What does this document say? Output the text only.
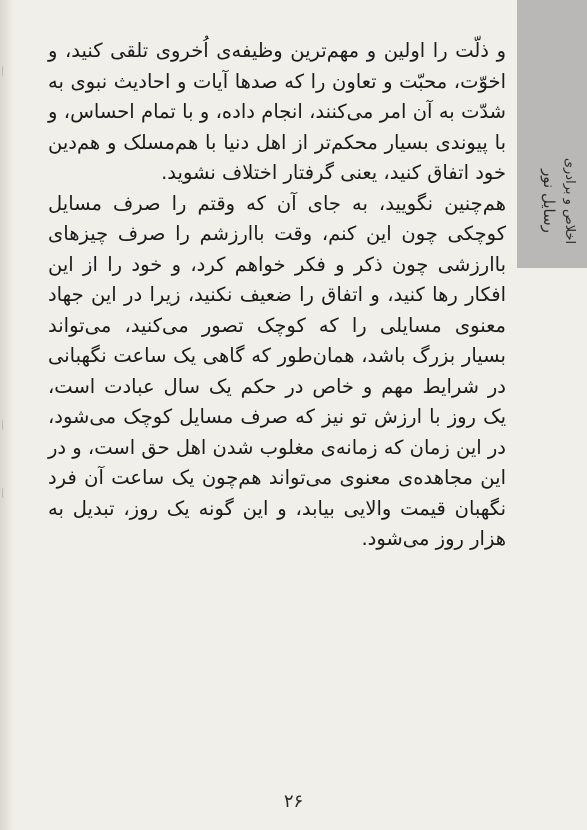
اخلاص و برادری
رسایل نور

و ذلّت را اولین و مهم‌ترین وظیفه‌ی اُخروی تلقی کنید، و اخوّت، محبّت و تعاون را که صدها آیات و احادیث نبوی به شدّت به آن امر می‌کنند، انجام داده، و با تمام احساس، و با پیوندی بسیار محکم‌تر از اهل دنیا با هم‌مسلک و هم‌دین خود اتفاق کنید، یعنی گرفتار اختلاف نشوید.

هم‌چنین نگویید، به جای آن که وقتم را صرف مسایل کوچکی چون این کنم، وقت باارزشم را صرف چیزهای باارزشی چون ذکر و فکر خواهم کرد، و خود را از این افکار رها کنید، و اتفاق را ضعیف نکنید، زیرا در این جهاد معنوی مسایلی را که کوچک تصور می‌کنید، می‌تواند بسیار بزرگ باشد، همان‌طور که گاهی یک ساعت نگهبانی در شرایط مهم و خاص در حکم یک سال عبادت است، یک روز با ارزش تو نیز که صرف مسایل کوچک می‌شود، در این زمان که زمانه‌ی مغلوب شدن اهل حق است، و در این مجاهده‌ی معنوی می‌تواند هم‌چون یک ساعت آن فرد نگهبان قیمت والایی بیابد، و این گونه یک روز، تبدیل به هزار روز می‌شود.

۲۶
